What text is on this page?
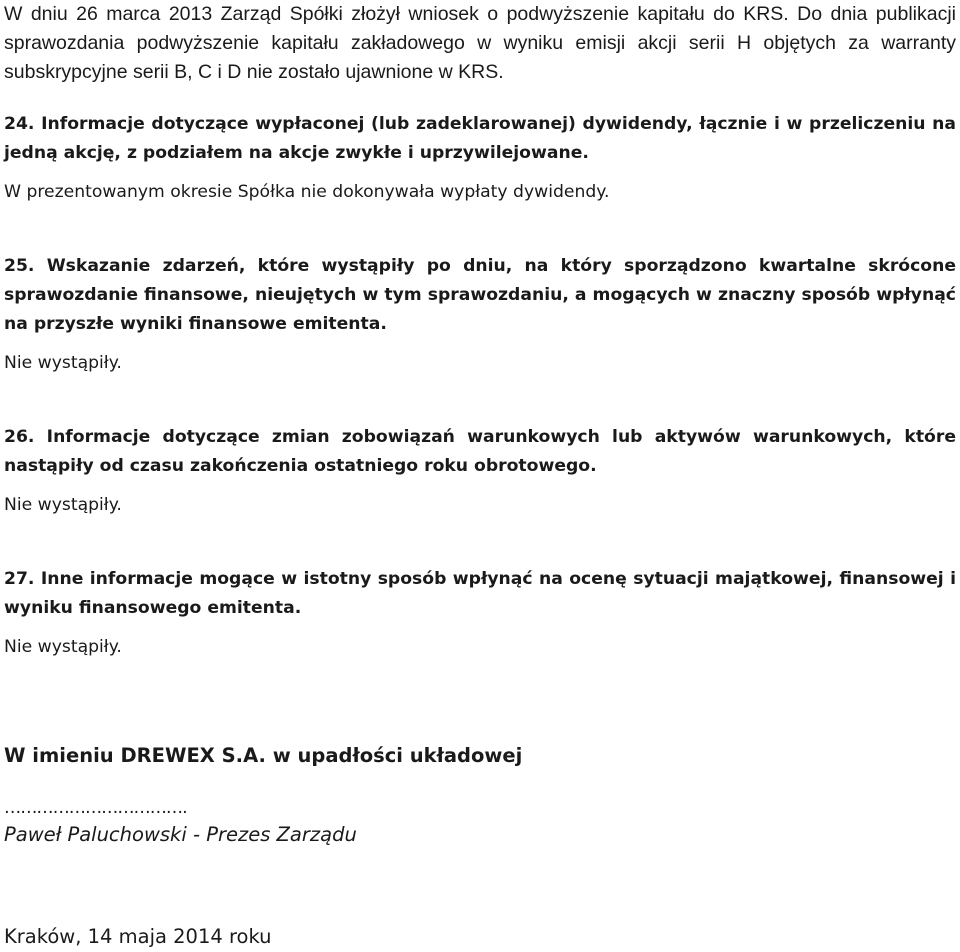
W dniu 26 marca 2013 Zarząd Spółki złożył wniosek o podwyższenie kapitału do KRS. Do dnia publikacji sprawozdania podwyższenie kapitału zakładowego w wyniku emisji akcji serii H objętych za warranty subskrypcyjne serii B, C i D nie zostało ujawnione w KRS.

24. Informacje dotyczące wypłaconej (lub zadeklarowanej) dywidendy, łącznie i w przeliczeniu na jedną akcję, z podziałem na akcje zwykłe i uprzywilejowane.

W prezentowanym okresie Spółka nie dokonywała wypłaty dywidendy.

25. Wskazanie zdarzeń, które wystąpiły po dniu, na który sporządzono kwartalne skrócone sprawozdanie finansowe, nieujętych w tym sprawozdaniu, a mogących w znaczny sposób wpłynąć na przyszłe wyniki finansowe emitenta.

Nie wystąpiły.

26. Informacje dotyczące zmian zobowiązań warunkowych lub aktywów warunkowych, które nastąpiły od czasu zakończenia ostatniego roku obrotowego.

Nie wystąpiły.

27. Inne informacje mogące w istotny sposób wpłynąć na ocenę sytuacji majątkowej, finansowej i wyniku finansowego emitenta.

Nie wystąpiły.

W imieniu DREWEX S.A. w upadłości układowej

…………………………….

Paweł Paluchowski - Prezes Zarządu

Kraków, 14 maja 2014 roku
